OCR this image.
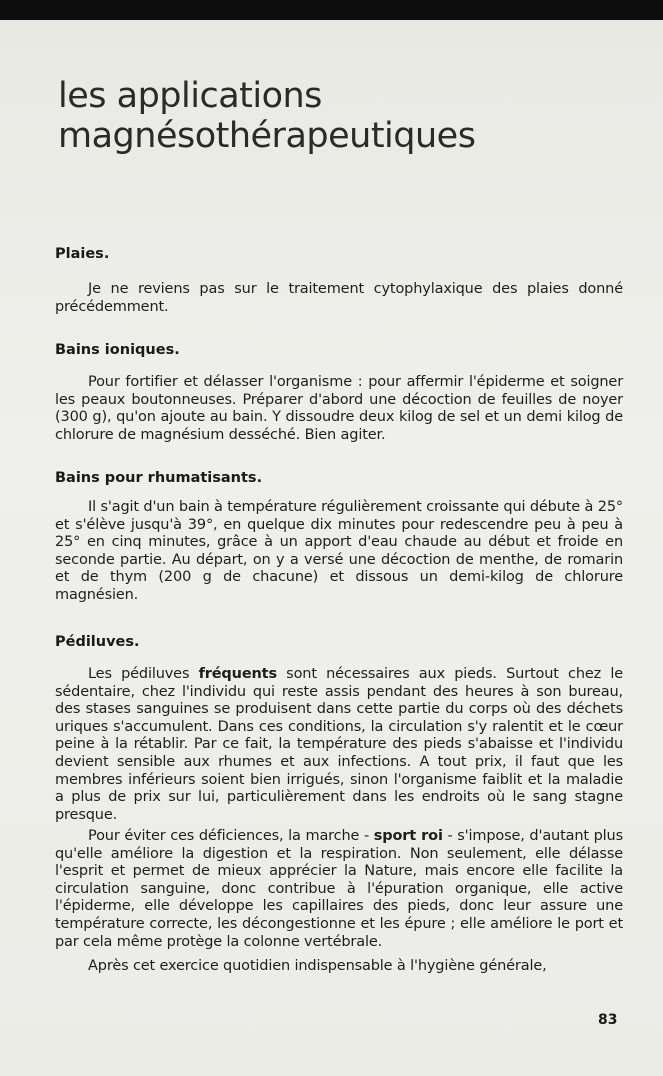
les applications
magnésothérapeutiques
Plaies.

Je ne reviens pas sur le traitement cytophylaxique des plaies donné précédemment.

Bains ioniques.

Pour fortifier et délasser l'organisme : pour affermir l'épiderme et soigner les peaux boutonneuses. Préparer d'abord une décoction de feuilles de noyer (300 g), qu'on ajoute au bain. Y dissoudre deux kilog de sel et un demi kilog de chlorure de magnésium desséché. Bien agiter.

Bains pour rhumatisants.

Il s'agit d'un bain à température régulièrement croissante qui débute à 25° et s'élève jusqu'à 39°, en quelque dix minutes pour redescendre peu à peu à 25° en cinq minutes, grâce à un apport d'eau chaude au début et froide en seconde partie. Au départ, on y a versé une décoction de menthe, de romarin et de thym (200 g de chacune) et dissous un demi-kilog de chlorure magnésien.

Pédiluves.

Les pédiluves fréquents sont nécessaires aux pieds. Surtout chez le sédentaire, chez l'individu qui reste assis pendant des heures à son bureau, des stases sanguines se produisent dans cette partie du corps où des déchets uriques s'accumulent. Dans ces conditions, la circulation s'y ralentit et le cœur peine à la rétablir. Par ce fait, la température des pieds s'abaisse et l'individu devient sensible aux rhumes et aux infections. A tout prix, il faut que les membres inférieurs soient bien irrigués, sinon l'organisme faiblit et la maladie a plus de prix sur lui, particulièrement dans les endroits où le sang stagne presque.

Pour éviter ces déficiences, la marche - sport roi - s'impose, d'autant plus qu'elle améliore la digestion et la respiration. Non seulement, elle délasse l'esprit et permet de mieux apprécier la Nature, mais encore elle facilite la circulation sanguine, donc contribue à l'épuration organique, elle active l'épiderme, elle développe les capillaires des pieds, donc leur assure une température correcte, les décongestionne et les épure ; elle améliore le port et par cela même protège la colonne vertébrale.

Après cet exercice quotidien indispensable à l'hygiène générale,

83
